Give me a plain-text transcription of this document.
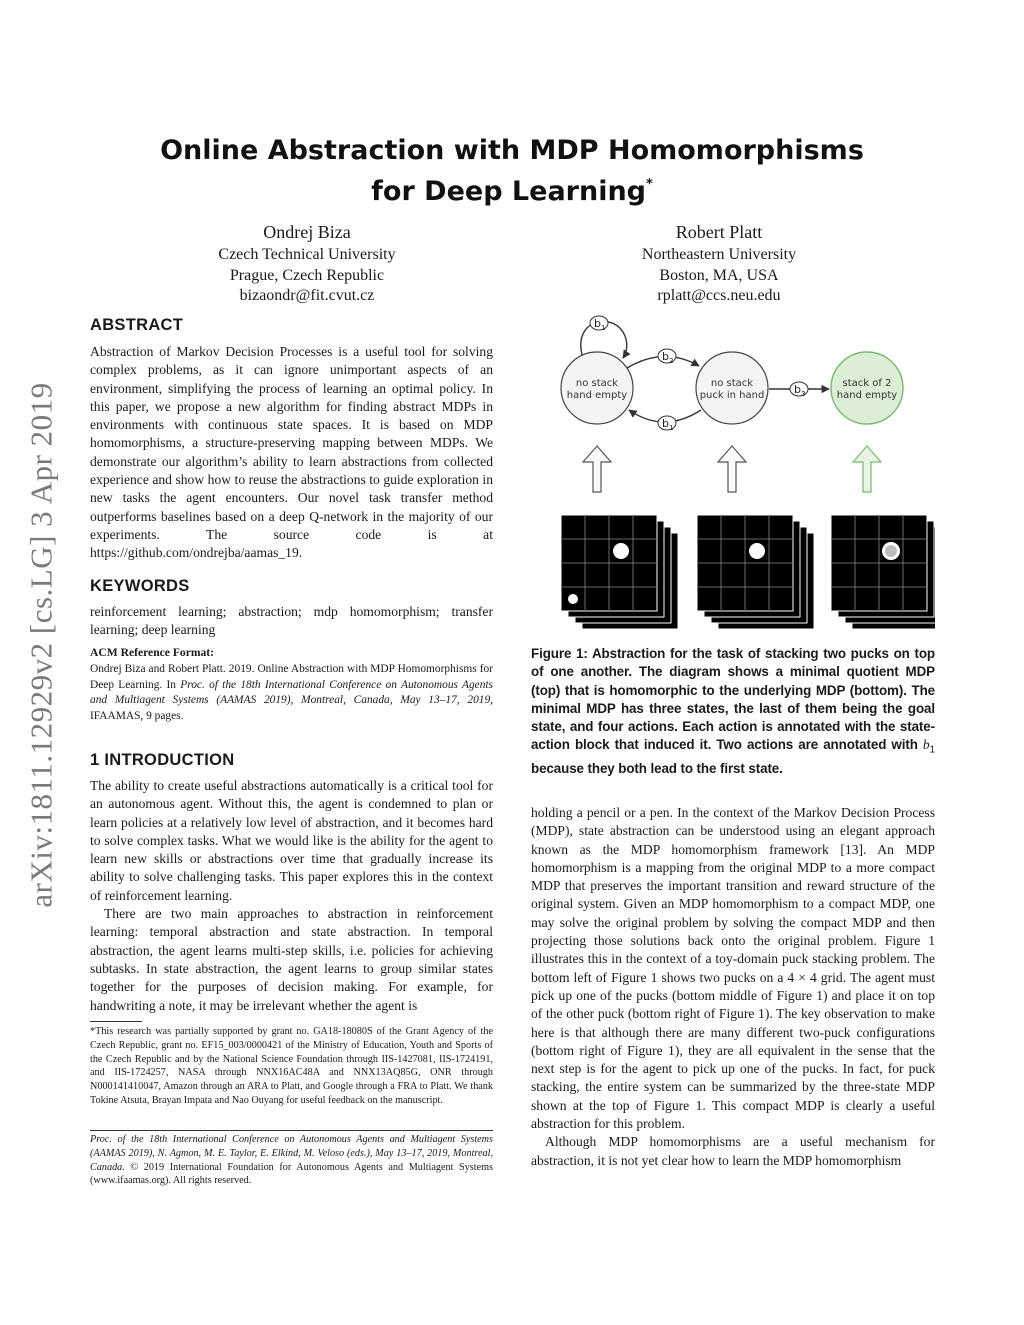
arXiv:1811.12929v2 [cs.LG] 3 Apr 2019
Online Abstraction with MDP Homomorphisms
for Deep Learning*
Ondrej Biza
Czech Technical University
Prague, Czech Republic
bizaondr@fit.cvut.cz
Robert Platt
Northeastern University
Boston, MA, USA
rplatt@ccs.neu.edu
ABSTRACT

Abstraction of Markov Decision Processes is a useful tool for solving complex problems, as it can ignore unimportant aspects of an environment, simplifying the process of learning an optimal policy. In this paper, we propose a new algorithm for finding abstract MDPs in environments with continuous state spaces. It is based on MDP homomorphisms, a structure-preserving mapping between MDPs. We demonstrate our algorithm’s ability to learn abstractions from collected experience and show how to reuse the abstractions to guide exploration in new tasks the agent encounters. Our novel task transfer method outperforms baselines based on a deep Q-network in the majority of our experiments. The source code is at https://github.com/ondrejba/aamas_19.

KEYWORDS

reinforcement learning; abstraction; mdp homomorphism; transfer learning; deep learning

ACM Reference Format:

Ondrej Biza and Robert Platt. 2019. Online Abstraction with MDP Homomorphisms for Deep Learning. In Proc. of the 18th International Conference on Autonomous Agents and Multiagent Systems (AAMAS 2019), Montreal, Canada, May 13–17, 2019, IFAAMAS, 9 pages.

1 INTRODUCTION

The ability to create useful abstractions automatically is a critical tool for an autonomous agent. Without this, the agent is condemned to plan or learn policies at a relatively low level of abstraction, and it becomes hard to solve complex tasks. What we would like is the ability for the agent to learn new skills or abstractions over time that gradually increase its ability to solve challenging tasks. This paper explores this in the context of reinforcement learning.

There are two main approaches to abstraction in reinforcement learning: temporal abstraction and state abstraction. In temporal abstraction, the agent learns multi-step skills, i.e. policies for achieving subtasks. In state abstraction, the agent learns to group similar states together for the purposes of decision making. For example, for handwriting a note, it may be irrelevant whether the agent is

*This research was partially supported by grant no. GA18-18080S of the Grant Agency of the Czech Republic, grant no. EF15_003/0000421 of the Ministry of Education, Youth and Sports of the Czech Republic and by the National Science Foundation through IIS-1427081, IIS-1724191, and IIS-1724257, NASA through NNX16AC48A and NNX13AQ85G, ONR through N000141410047, Amazon through an ARA to Platt, and Google through a FRA to Platt. We thank Tokine Atsuta, Brayan Impata and Nao Ouyang for useful feedback on the manuscript.

Proc. of the 18th International Conference on Autonomous Agents and Multiagent Systems (AAMAS 2019), N. Agmon, M. E. Taylor, E. Elkind, M. Veloso (eds.), May 13–17, 2019, Montreal, Canada. © 2019 International Foundation for Autonomous Agents and Multiagent Systems (www.ifaamas.org). All rights reserved.

$b_1$
no stack
hand empty
no stack
puck in hand
stack of 2
hand empty
$b_2$
$b_1$
$b_3$

Figure 1: Abstraction for the task of stacking two pucks on top of one another. The diagram shows a minimal quotient MDP (top) that is homomorphic to the underlying MDP (bottom). The minimal MDP has three states, the last of them being the goal state, and four actions. Each action is annotated with the state-action block that induced it. Two actions are annotated with $b_1$ because they both lead to the first state.

holding a pencil or a pen. In the context of the Markov Decision Process (MDP), state abstraction can be understood using an elegant approach known as the MDP homomorphism framework [13]. An MDP homomorphism is a mapping from the original MDP to a more compact MDP that preserves the important transition and reward structure of the original system. Given an MDP homomorphism to a compact MDP, one may solve the original problem by solving the compact MDP and then projecting those solutions back onto the original problem. Figure 1 illustrates this in the context of a toy-domain puck stacking problem. The bottom left of Figure 1 shows two pucks on a 4 × 4 grid. The agent must pick up one of the pucks (bottom middle of Figure 1) and place it on top of the other puck (bottom right of Figure 1). The key observation to make here is that although there are many different two-puck configurations (bottom right of Figure 1), they are all equivalent in the sense that the next step is for the agent to pick up one of the pucks. In fact, for puck stacking, the entire system can be summarized by the three-state MDP shown at the top of Figure 1. This compact MDP is clearly a useful abstraction for this problem.

Although MDP homomorphisms are a useful mechanism for abstraction, it is not yet clear how to learn the MDP homomorphism
